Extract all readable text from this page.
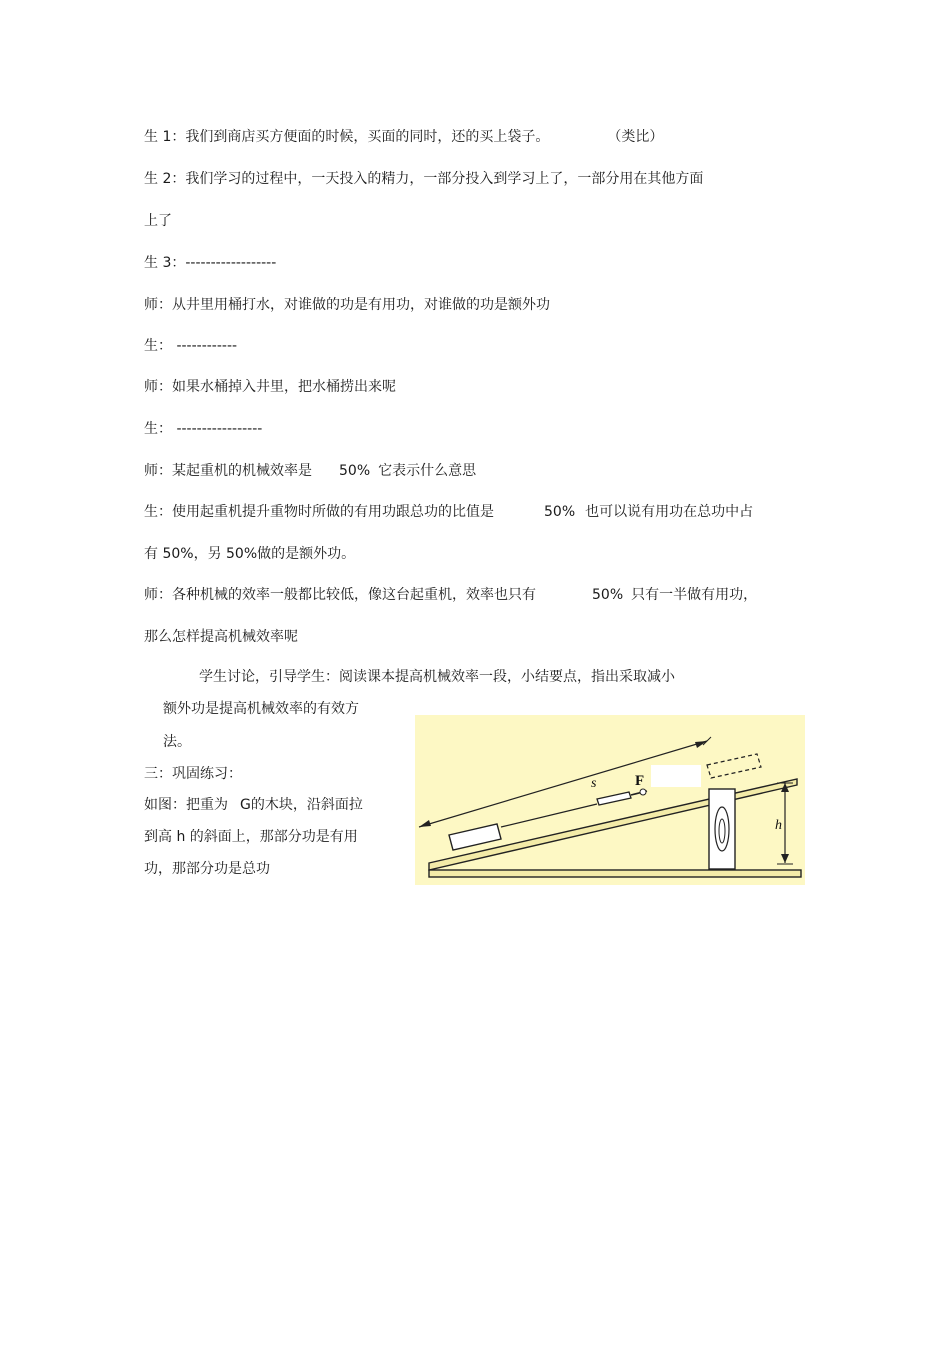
生 1：我们到商店买方便面的时候，买面的同时，还的买上袋子。	（类比）
生 2：我们学习的过程中，一天投入的精力，一部分投入到学习上了，一部分用在其他方面
上了
生 3：------------------
师：从井里用桶打水，对谁做的功是有用功，对谁做的功是额外功
生： ------------
师：如果水桶掉入井里，把水桶捞出来呢
生： -----------------
师：某起重机的机械效率是 50% 它表示什么意思
生：使用起重机提升重物时所做的有用功跟总功的比值是	50% 也可以说有用功在总功中占
有 50%，另 50%做的是额外功。
师：各种机械的效率一般都比较低，像这台起重机，效率也只有	50% 只有一半做有用功，
那么怎样提高机械效率呢
学生讨论，引导学生：阅读课本提高机械效率一段，小结要点，指出采取减小
额外功是提高机械效率的有效方
法。
三：巩固练习：
如图：把重为 G的木块，沿斜面拉
到高 h 的斜面上，那部分功是有用
功，那部分功是总功
F
s
h
